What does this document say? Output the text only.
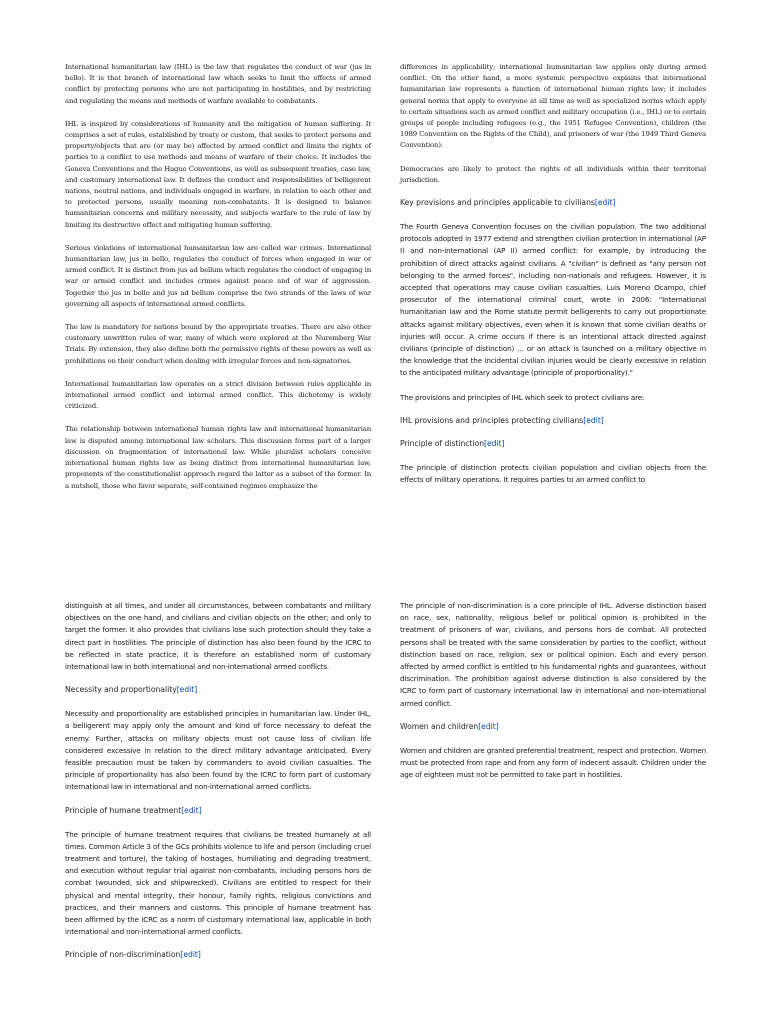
International humanitarian law (IHL) is the law that regulates the conduct of war (jus in bello). It is that branch of international law which seeks to limit the effects of armed conflict by protecting persons who are not participating in hostilities, and by restricting and regulating the means and methods of warfare available to combatants.

IHL is inspired by considerations of humanity and the mitigation of human suffering. It comprises a set of rules, established by treaty or custom, that seeks to protect persons and property/objects that are (or may be) affected by armed conflict and limits the rights of parties to a conflict to use methods and means of warfare of their choice. It includes the Geneva Conventions and the Hague Conventions, as well as subsequent treaties, case law, and customary international law. It defines the conduct and responsibilities of belligerent nations, neutral nations, and individuals engaged in warfare, in relation to each other and to protected persons, usually meaning non-combatants. It is designed to balance humanitarian concerns and military necessity, and subjects warfare to the rule of law by limiting its destructive effect and mitigating human suffering.

Serious violations of international humanitarian law are called war crimes. International humanitarian law, jus in bello, regulates the conduct of forces when engaged in war or armed conflict. It is distinct from jus ad bellum which regulates the conduct of engaging in war or armed conflict and includes crimes against peace and of war of aggression. Together the jus in bello and jus ad bellum comprise the two strands of the laws of war governing all aspects of international armed conflicts.

The law is mandatory for nations bound by the appropriate treaties. There are also other customary unwritten rules of war, many of which were explored at the Nuremberg War Trials. By extension, they also define both the permissive rights of these powers as well as prohibitions on their conduct when dealing with irregular forces and non-signatories.

International humanitarian law operates on a strict division between rules applicable in international armed conflict and internal armed conflict. This dichotomy is widely criticized.

The relationship between international human rights law and international humanitarian law is disputed among international law scholars. This discussion forms part of a larger discussion on fragmentation of international law. While pluralist scholars conceive international human rights law as being distinct from international humanitarian law, proponents of the constitutionalist approach regard the latter as a subset of the former. In a nutshell, those who favor separate, self-contained regimes emphasize the

differences in applicability; international humanitarian law applies only during armed conflict. On the other hand, a more systemic perspective explains that international humanitarian law represents a function of international human rights law; it includes general norms that apply to everyone at all time as well as specialized norms which apply to certain situations such as armed conflict and military occupation (i.e., IHL) or to certain groups of people including refugees (e.g., the 1951 Refugee Convention), children (the 1989 Convention on the Rights of the Child), and prisoners of war (the 1949 Third Geneva Convention).

Democracies are likely to protect the rights of all individuals within their territorial jurisdiction.

Key provisions and principles applicable to civilians[edit]

The Fourth Geneva Convention focuses on the civilian population. The two additional protocols adopted in 1977 extend and strengthen civilian protection in international (AP I) and non-international (AP II) armed conflict: for example, by introducing the prohibition of direct attacks against civilians. A "civilian" is defined as "any person not belonging to the armed forces", including non-nationals and refugees. However, it is accepted that operations may cause civilian casualties. Luis Moreno Ocampo, chief prosecutor of the international criminal court, wrote in 2006: "International humanitarian law and the Rome statute permit belligerents to carry out proportionate attacks against military objectives, even when it is known that some civilian deaths or injuries will occur. A crime occurs if there is an intentional attack directed against civilians (principle of distinction) ... or an attack is launched on a military objective in the knowledge that the incidental civilian injuries would be clearly excessive in relation to the anticipated military advantage (principle of proportionality)."

The provisions and principles of IHL which seek to protect civilians are:

IHL provisions and principles protecting civilians[edit]
Principle of distinction[edit]

The principle of distinction protects civilian population and civilian objects from the effects of military operations. It requires parties to an armed conflict to

distinguish at all times, and under all circumstances, between combatants and military objectives on the one hand, and civilians and civilian objects on the other; and only to target the former. It also provides that civilians lose such protection should they take a direct part in hostilities. The principle of distinction has also been found by the ICRC to be reflected in state practice; it is therefore an established norm of customary international law in both international and non-international armed conflicts.

Necessity and proportionality[edit]

Necessity and proportionality are established principles in humanitarian law. Under IHL, a belligerent may apply only the amount and kind of force necessary to defeat the enemy. Further, attacks on military objects must not cause loss of civilian life considered excessive in relation to the direct military advantage anticipated. Every feasible precaution must be taken by commanders to avoid civilian casualties. The principle of proportionality has also been found by the ICRC to form part of customary international law in international and non-international armed conflicts.

Principle of humane treatment[edit]

The principle of humane treatment requires that civilians be treated humanely at all times. Common Article 3 of the GCs prohibits violence to life and person (including cruel treatment and torture), the taking of hostages, humiliating and degrading treatment, and execution without regular trial against non-combatants, including persons hors de combat (wounded, sick and shipwrecked). Civilians are entitled to respect for their physical and mental integrity, their honour, family rights, religious convictions and practices, and their manners and customs. This principle of humane treatment has been affirmed by the ICRC as a norm of customary international law, applicable in both international and non-international armed conflicts.

Principle of non-discrimination[edit]

The principle of non-discrimination is a core principle of IHL. Adverse distinction based on race, sex, nationality, religious belief or political opinion is prohibited in the treatment of prisoners of war, civilians, and persons hors de combat. All protected persons shall be treated with the same consideration by parties to the conflict, without distinction based on race, religion, sex or political opinion. Each and every person affected by armed conflict is entitled to his fundamental rights and guarantees, without discrimination. The prohibition against adverse distinction is also considered by the ICRC to form part of customary international law in international and non-international armed conflict.

Women and children[edit]

Women and children are granted preferential treatment, respect and protection. Women must be protected from rape and from any form of indecent assault. Children under the age of eighteen must not be permitted to take part in hostilities.
